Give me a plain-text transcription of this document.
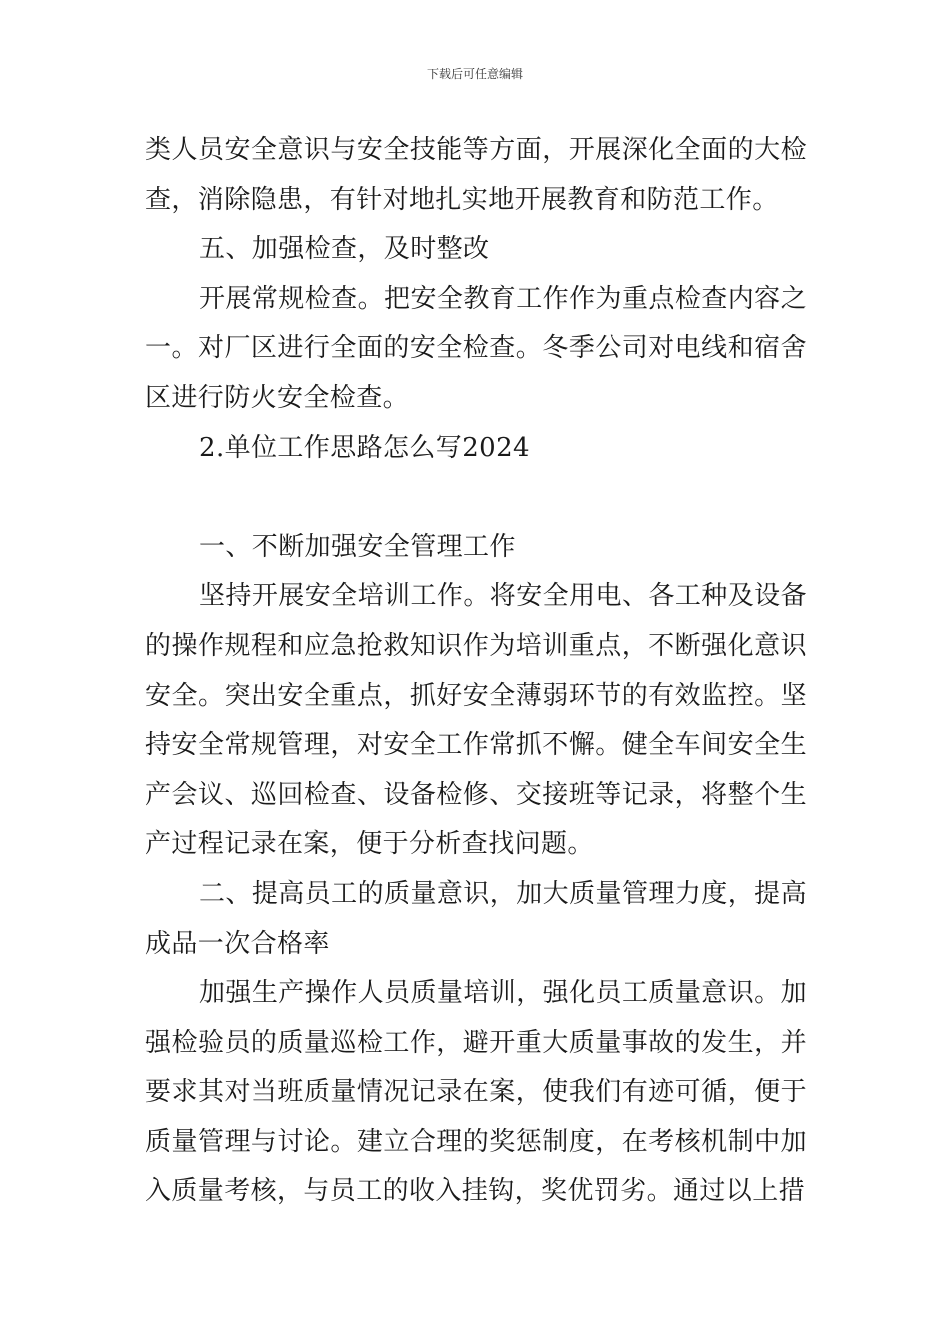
下载后可任意编辑

类人员安全意识与安全技能等方面，开展深化全面的大检查，消除隐患，有针对地扎实地开展教育和防范工作。

五、加强检查，及时整改

开展常规检查。把安全教育工作作为重点检查内容之一。对厂区进行全面的安全检查。冬季公司对电线和宿舍区进行防火安全检查。

2.单位工作思路怎么写2024

一、不断加强安全管理工作

坚持开展安全培训工作。将安全用电、各工种及设备的操作规程和应急抢救知识作为培训重点，不断强化意识安全。突出安全重点，抓好安全薄弱环节的有效监控。坚持安全常规管理，对安全工作常抓不懈。健全车间安全生产会议、巡回检查、设备检修、交接班等记录，将整个生产过程记录在案，便于分析查找问题。

二、提高员工的质量意识，加大质量管理力度，提高成品一次合格率

加强生产操作人员质量培训，强化员工质量意识。加强检验员的质量巡检工作，避开重大质量事故的发生，并要求其对当班质量情况记录在案，使我们有迹可循，便于质量管理与讨论。建立合理的奖惩制度，在考核机制中加入质量考核，与员工的收入挂钩，奖优罚劣。通过以上措
